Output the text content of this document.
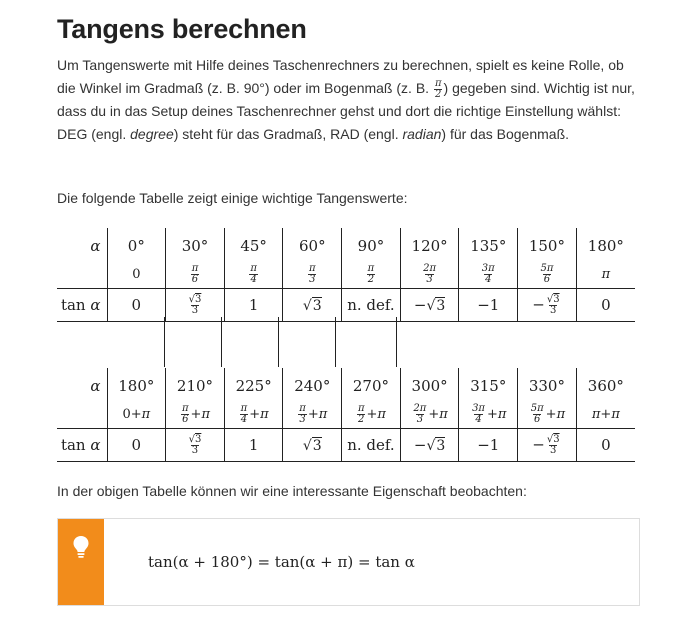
Tangens berechnen
Um Tangenswerte mit Hilfe deines Taschenrechners zu berechnen, spielt es keine Rolle, ob die Winkel im Gradmaß (z. B. 90°) oder im Bogenmaß (z. B. $\frac{\pi}{2}$ ) gegeben sind. Wichtig ist nur, dass du in das Setup deines Taschenrechner gehst und dort die richtige Einstellung wählst:
DEG (engl. degree) steht für das Gradmaß, RAD (engl. radian) für das Bogenmaß.
Die folgende Tabelle zeigt einige wichtige Tangenswerte:
α	0°	30°	45°	60°	90°	120°	135°	150°	180°
	0	$\frac{\pi}{6}$	$\frac{\pi}{4}$	$\frac{\pi}{3}$	$\frac{\pi}{2}$	$\frac{2\pi}{3}$	$\frac{3\pi}{4}$	$\frac{5\pi}{6}$	π
tan α	0	$\frac{√3}{3}$	1	√3	n. def.	−√3	−1	− $\frac{√3}{3}$	0
α	180°	210°	225°	240°	270°	300°	315°	330°	360°
	0+π	$\frac{\pi}{6} +\pi$	$\frac{\pi}{4} +\pi$	$\frac{\pi}{3} +\pi$	$\frac{\pi}{2} +\pi$	$\frac{2\pi}{3} +\pi$	$\frac{3\pi}{4} +\pi$	$\frac{5\pi}{6} +\pi$	π+π
tan α	0	$\frac{√3}{3}$	1	√3	n. def.	−√3	−1	− $\frac{√3}{3}$	0
In der obigen Tabelle können wir eine interessante Eigenschaft beobachten:
tan(α + 180°) = tan(α + π) = tan α
